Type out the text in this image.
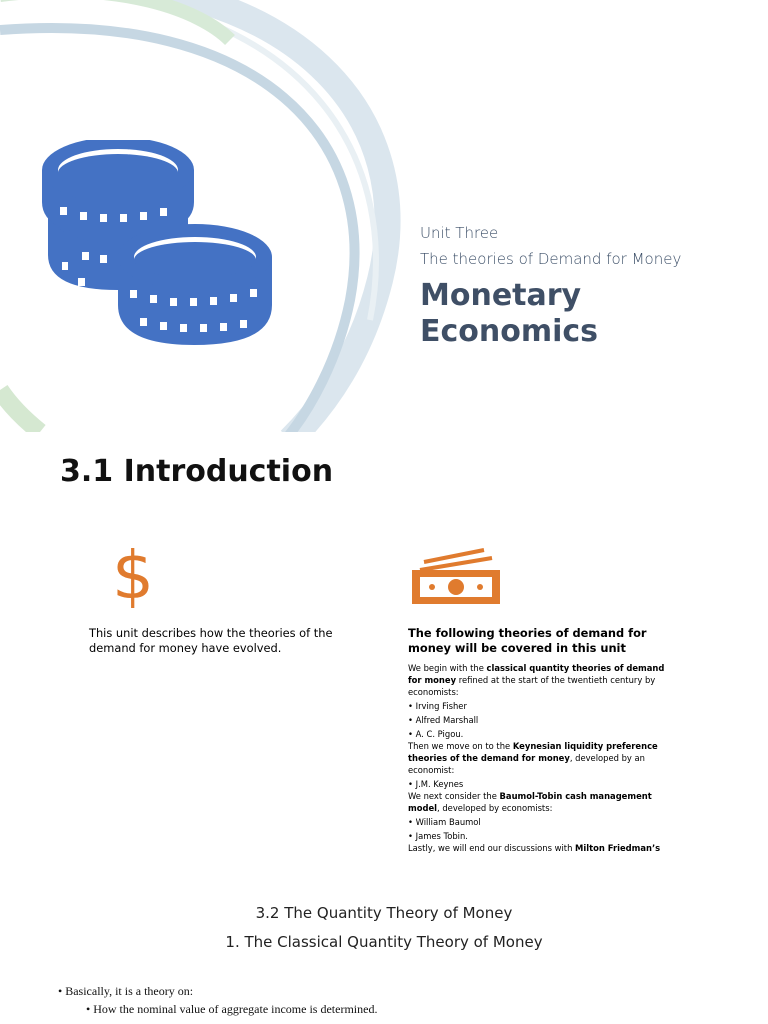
Unit Three
The theories of Demand for Money
Monetary
Economics
3.1 Introduction
$
This unit describes how the theories of the demand for money have evolved.
The following theories of demand for money will be covered in this unit

We begin with the classical quantity theories of demand for money refined at the start of the twentieth century by economists:

• Irving Fisher

• Alfred Marshall

• A. C. Pigou.

Then we move on to the Keynesian liquidity preference theories of the demand for money, developed by an economist:

• J.M. Keynes

We next consider the Baumol-Tobin cash management model, developed by economists:

• William Baumol

• James Tobin.

Lastly, we will end our discussions with Milton Friedman’s

3.2 The Quantity Theory of Money
1. The Classical Quantity Theory of Money
• Basically, it is a theory on:
• How the nominal value of aggregate income is determined.
